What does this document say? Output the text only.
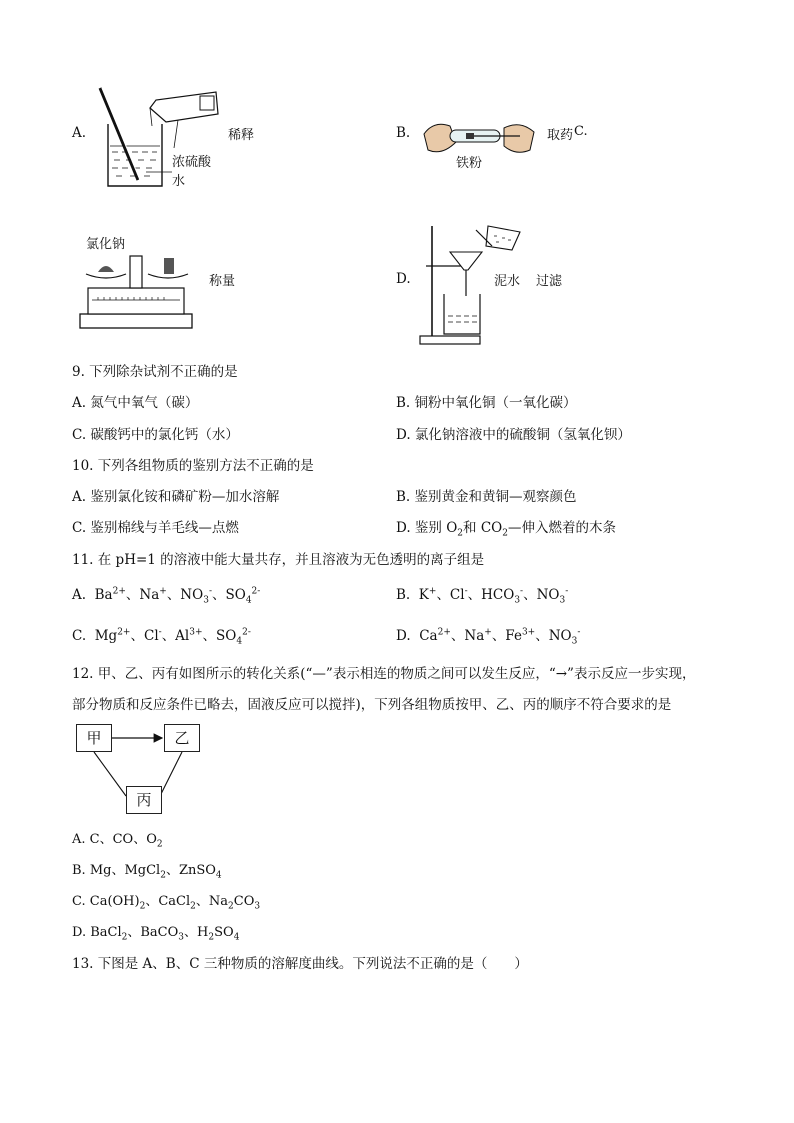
A.	稀释
浓硫酸
水
B.	取药 C.
铁粉
氯化钠
称量	D.	泥水 过滤
9. 下列除杂试剂不正确的是
A. 氮气中氧气（碳）	B. 铜粉中氧化铜（一氧化碳）
C. 碳酸钙中的氯化钙（水）	D. 氯化钠溶液中的硫酸铜（氢氧化钡）
10. 下列各组物质的鉴别方法不正确的是
A. 鉴别氯化铵和磷矿粉—加水溶解	B. 鉴别黄金和黄铜—观察颜色
C. 鉴别棉线与羊毛线—点燃	D. 鉴别 $O_2$和 $CO_2—$伸入燃着的木条
11. 在 pH=1 的溶液中能大量共存，并且溶液为无色透明的离子组是
A.  $Ba^{2+}$、Na+、$NO_3^-$、$SO_4^{2-}$	B.  K+、Cl-、$HCO_3^-$、$NO_3^-$
C.  $Mg^{2+}$、Cl-、$Al^{3+}$、$SO_4^{2-}$	D.  $Ca^{2+}$、Na+、$Fe^{3+}$、$NO_3^-$
12. 甲、乙、丙有如图所示的转化关系(“—”表示相连的物质之间可以发生反应，“→”表示反应一步实现，
部分物质和反应条件已略去，固液反应可以搅拌)，下列各组物质按甲、乙、丙的顺序不符合要求的是
甲	乙
丙
A. C、CO、$O_2$
B. Mg、MgCl$_2$、ZnSO$_4$
C. $Ca(OH)_2$、CaCl$_2$、$Na_2CO_3$
D. BaCl$_2$、BaCO$_3$、$H_2SO_4$
13. 下图是 A、B、C 三种物质的溶解度曲线。下列说法不正确的是（　　）
